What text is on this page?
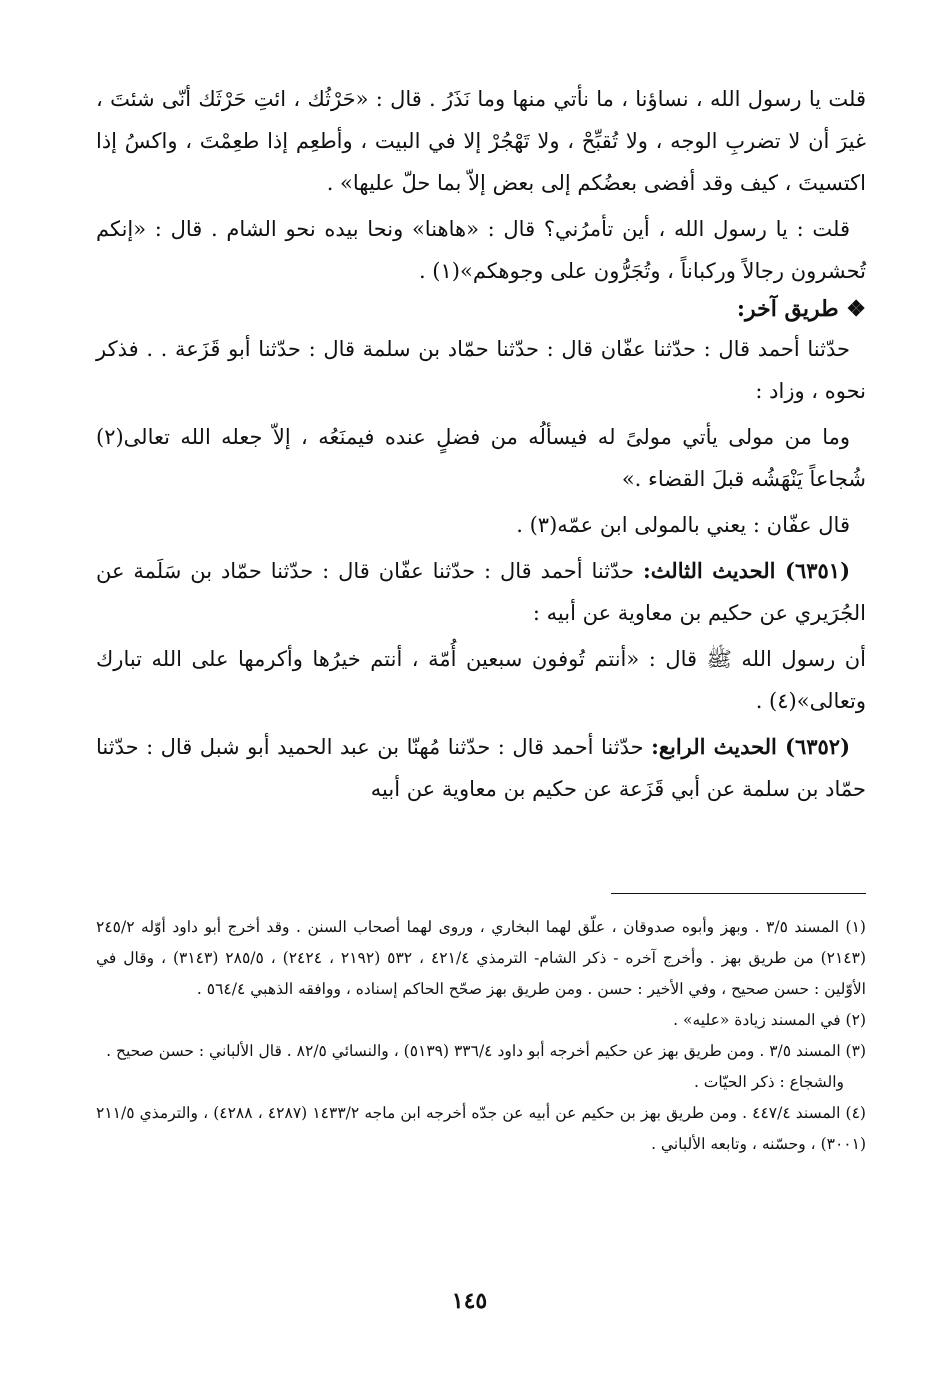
قلت يا رسول الله ، نساؤنا ، ما نأتي منها وما نَذَرُ . قال : «حَرْثُك ، ائتِ حَرْثَك أنّى شئتَ ، غيرَ أن لا تضربِ الوجه ، ولا تُقبِّحْ ، ولا تَهْجُرْ إلا في البيت ، وأطعِم إذا طعِمْتَ ، واكسُ إذا اكتسيتَ ، كيف وقد أفضى بعضُكم إلى بعض إلاّ بما حلّ عليها» .

قلت : يا رسول الله ، أين تأمرُني؟ قال : «هاهنا» ونحا بيده نحو الشام . قال : «إنكم تُحشرون رجالاً وركباناً ، وتُجَرُّون على وجوهكم»(١) .

❖ طريق آخر:

حدّثنا أحمد قال : حدّثنا عفّان قال : حدّثنا حمّاد بن سلمة قال : حدّثنا أبو قَزَعة . . فذكر نحوه ، وزاد :

وما من مولى يأتي مولىً له فيسألُه من فضلٍ عنده فيمنَعُه ، إلاّ جعله الله تعالى(٢) شُجاعاً يَنْهَشُه قبلَ القضاء .»

قال عفّان : يعني بالمولى ابن عمّه(٣) .

(٦٣٥١) الحديث الثالث: حدّثنا أحمد قال : حدّثنا عفّان قال : حدّثنا حمّاد بن سَلَمة عن الجُرَيري عن حكيم بن معاوية عن أبيه :

أن رسول الله ﷺ قال : «أنتم تُوفون سبعين أُمّة ، أنتم خيرُها وأكرمها على الله تبارك وتعالى»(٤) .

(٦٣٥٢) الحديث الرابع: حدّثنا أحمد قال : حدّثنا مُهنّا بن عبد الحميد أبو شبل قال : حدّثنا حمّاد بن سلمة عن أبي قَزَعة عن حكيم بن معاوية عن أبيه

(١) المسند ٣/٥ . وبهز وأبوه صدوقان ، علّق لهما البخاري ، وروى لهما أصحاب السنن . وقد أخرج أبو داود أوّله ٢٤٥/٢ (٢١٤٣) من طريق بهز . وأخرج آخره - ذكر الشام- الترمذي ٤٢١/٤ ، ٥٣٢ (٢١٩٢ ، ٢٤٢٤) ، ٢٨٥/٥ (٣١٤٣) ، وقال في الأوّلين : حسن صحيح ، وفي الأخير : حسن . ومن طريق بهز صحّح الحاكم إسناده ، ووافقه الذهبي ٥٦٤/٤ .

(٢) في المسند زيادة «عليه» .

(٣) المسند ٣/٥ . ومن طريق بهز عن حكيم أخرجه أبو داود ٣٣٦/٤ (٥١٣٩) ، والنسائي ٨٢/٥ . قال الألباني : حسن صحيح .

والشجاع : ذكر الحيّات .

(٤) المسند ٤٤٧/٤ . ومن طريق بهز بن حكيم عن أبيه عن جدّه أخرجه ابن ماجه ١٤٣٣/٢ (٤٢٨٧ ، ٤٢٨٨) ، والترمذي ٢١١/٥ (٣٠٠١) ، وحسّنه ، وتابعه الألباني .

١٤٥
